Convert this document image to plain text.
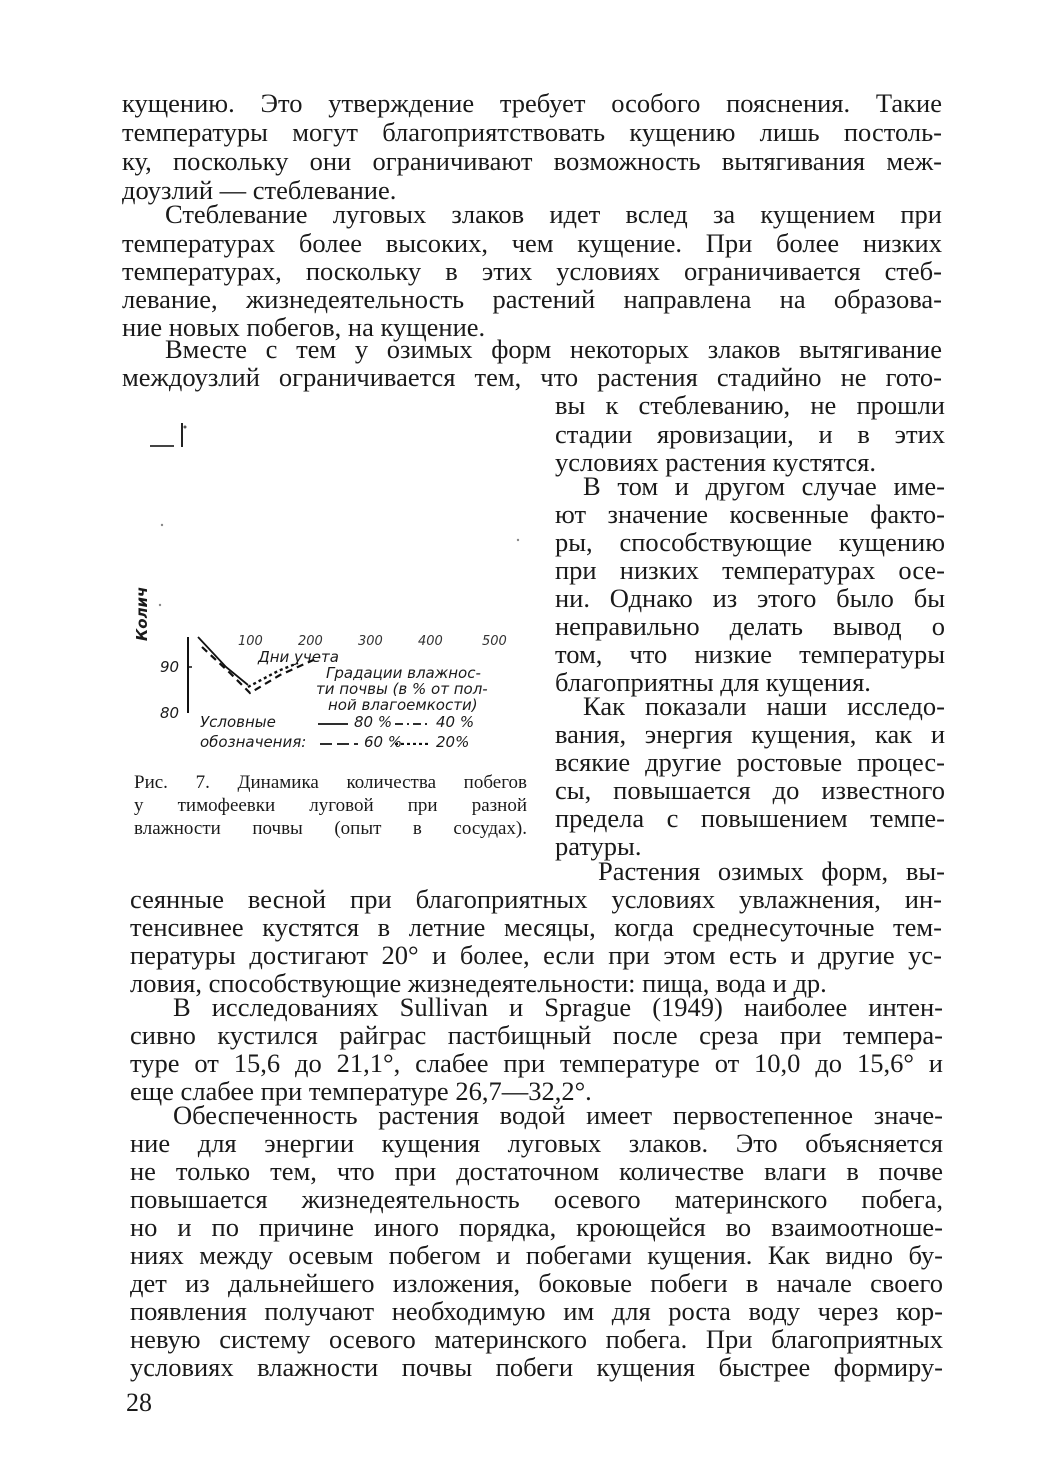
кущению. Это утверждение требует особого пояснения. Такие
температуры могут благоприятствовать кущению лишь постоль-
ку, поскольку они ограничивают возможность вытягивания меж-
доузлий — стеблевание.
Стеблевание луговых злаков идет вслед за кущением при
температурах более высоких, чем кущение. При более низких
температурах, поскольку в этих условиях ограничивается стеб-
левание, жизнедеятельность растений направлена на образова-
ние новых побегов, на кущение.
Вместе с тем у озимых форм некоторых злаков вытягивание
междоузлий ограничивается тем, что растения стадийно не гото-
вы к стеблеванию, не прошли
стадии яровизации, и в этих
условиях растения кустятся.
В том и другом случае име-
ют значение косвенные факто-
ры, способствующие кущению
при низких температурах осе-
ни. Однако из этого было бы
неправильно делать вывод о
том, что низкие температуры
благоприятны для кущения.
Как показали наши исследо-
вания, энергия кущения, как и
всякие другие ростовые процес-
сы, повышается до известного
предела с повышением темпе-
ратуры.
Растения озимых форм, вы-
сеянные весной при благоприятных условиях увлажнения, ин-
тенсивнее кустятся в летние месяцы, когда среднесуточные тем-
пературы достигают 20° и более, если при этом есть и другие ус-
ловия, способствующие жизнедеятельности: пища, вода и др.
В исследованиях Sullivan и Sprague (1949) наиболее интен-
сивно кустился райграс пастбищный после среза при темпера-
туре от 15,6 до 21,1°, слабее при температуре от 10,0 до 15,6° и
еще слабее при температуре 26,7—32,2°.
Обеспеченность растения водой имеет первостепенное значе-
ние для энергии кущения луговых злаков. Это объясняется
не только тем, что при достаточном количестве влаги в почве
повышается жизнедеятельность осевого материнского побега,
но и по причине иного порядка, кроющейся во взаимоотноше-
ниях между осевым побегом и побегами кущения. Как видно бу-
дет из дальнейшего изложения, боковые побеги в начале своего
появления получают необходимую им для роста воду через кор-
невую систему осевого материнского побега. При благоприятных
условиях влажности почвы побеги кущения быстрее формиру-
Колич
90
80
100	200	300	400	500
Дни учета
Градации влажнос-
ти почвы (в % от пол-
ной влагоемкости)
Условные
обозначения:
80 %	40 %
60 % 20%
Рис. 7. Динамика количества побегов
у тимофеевки луговой при разной
влажности почвы (опыт в сосудах).
28
